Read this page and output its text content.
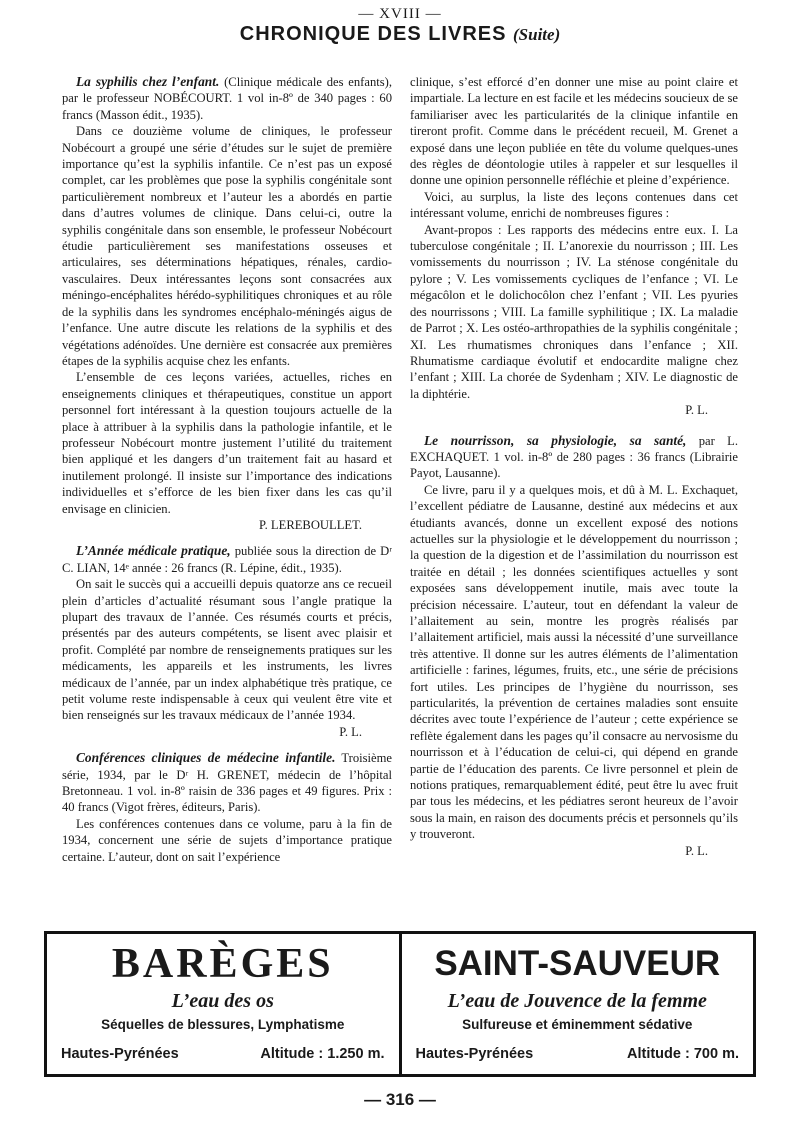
— XVIII —
CHRONIQUE DES LIVRES (Suite)

La syphilis chez l’enfant. (Clinique médicale des enfants), par le professeur NOBÉCOURT. 1 vol in-8º de 340 pages : 60 francs (Masson édit., 1935).

Dans ce douzième volume de cliniques, le professeur Nobécourt a groupé une série d’études sur le sujet de première importance qu’est la syphilis infantile. Ce n’est pas un exposé complet, car les problèmes que pose la syphilis congénitale sont particulièrement nombreux et l’auteur les a abordés en partie dans d’autres volumes de clinique. Dans celui-ci, outre la syphilis congénitale dans son ensemble, le professeur Nobécourt étudie particulièrement ses manifestations osseuses et articulaires, ses déterminations hépatiques, rénales, cardio-vasculaires. Deux intéressantes leçons sont consacrées aux méningo-encéphalites hérédo-syphilitiques chroniques et au rôle de la syphilis dans les syndromes encéphalo-méningés aigus de l’enfance. Une autre discute les relations de la syphilis et des végétations adénoïdes. Une dernière est consacrée aux premières étapes de la syphilis acquise chez les enfants.

L’ensemble de ces leçons variées, actuelles, riches en enseignements cliniques et thérapeutiques, constitue un apport personnel fort intéressant à la question toujours actuelle de la place à attribuer à la syphilis dans la pathologie infantile, et le professeur Nobécourt montre justement l’utilité du traitement bien appliqué et les dangers d’un traitement fait au hasard et inutilement prolongé. Il insiste sur l’importance des indications individuelles et s’efforce de les bien fixer dans les cas qu’il envisage en clinicien.

P. LEREBOULLET.

L’Année médicale pratique, publiée sous la direction de Dʳ C. LIAN, 14ᵉ année : 26 francs (R. Lépine, édit., 1935).

On sait le succès qui a accueilli depuis quatorze ans ce recueil plein d’articles d’actualité résumant sous l’angle pratique la plupart des travaux de l’année. Ces résumés courts et précis, présentés par des auteurs compétents, se lisent avec plaisir et profit. Complété par nombre de renseignements pratiques sur les médicaments, les appareils et les instruments, les livres médicaux de l’année, par un index alphabétique très pratique, ce petit volume reste indispensable à ceux qui veulent être vite et bien renseignés sur les travaux médicaux de l’année 1934.

P. L.

Conférences cliniques de médecine infantile. Troisième série, 1934, par le Dʳ H. GRENET, médecin de l’hôpital Bretonneau. 1 vol. in-8º raisin de 336 pages et 49 figures. Prix : 40 francs (Vigot frères, éditeurs, Paris).

Les conférences contenues dans ce volume, paru à la fin de 1934, concernent une série de sujets d’importance pratique certaine. L’auteur, dont on sait l’expérience

clinique, s’est efforcé d’en donner une mise au point claire et impartiale. La lecture en est facile et les médecins soucieux de se familiariser avec les particularités de la clinique infantile en tireront profit. Comme dans le précédent recueil, M. Grenet a exposé dans une leçon publiée en tête du volume quelques-unes des règles de déontologie utiles à rappeler et sur lesquelles il donne une opinion personnelle réfléchie et pleine d’expérience.

Voici, au surplus, la liste des leçons contenues dans cet intéressant volume, enrichi de nombreuses figures :

Avant-propos : Les rapports des médecins entre eux. I. La tuberculose congénitale ; II. L’anorexie du nourrisson ; III. Les vomissements du nourrisson ; IV. La sténose congénitale du pylore ; V. Les vomissements cycliques de l’enfance ; VI. Le mégacôlon et le dolichocôlon chez l’enfant ; VII. Les pyuries des nourrissons ; VIII. La famille syphilitique ; IX. La maladie de Parrot ; X. Les ostéo-arthropathies de la syphilis congénitale ; XI. Les rhumatismes chroniques dans l’enfance ; XII. Rhumatisme cardiaque évolutif et endocardite maligne chez l’enfant ; XIII. La chorée de Sydenham ; XIV. Le diagnostic de la diphtérie.

P. L.

Le nourrisson, sa physiologie, sa santé, par L. EXCHAQUET. 1 vol. in-8º de 280 pages : 36 francs (Librairie Payot, Lausanne).

Ce livre, paru il y a quelques mois, et dû à M. L. Exchaquet, l’excellent pédiatre de Lausanne, destiné aux médecins et aux étudiants avancés, donne un excellent exposé des notions actuelles sur la physiologie et le développement du nourrisson ; la question de la digestion et de l’assimilation du nourrisson est traitée en détail ; les données scientifiques actuelles y sont exposées sans développement inutile, mais avec toute la précision nécessaire. L’auteur, tout en défendant la valeur de l’allaitement au sein, montre les progrès réalisés par l’allaitement artificiel, mais aussi la nécessité d’une surveillance très attentive. Il donne sur les autres éléments de l’alimentation artificielle : farines, légumes, fruits, etc., une série de précisions fort utiles. Les principes de l’hygiène du nourrisson, ses particularités, la prévention de certaines maladies sont ensuite décrites avec toute l’expérience de l’auteur ; cette expérience se reflète également dans les pages qu’il consacre au nervosisme du nourrisson et à l’éducation de celui-ci, qui dépend en grande partie de l’éducation des parents. Ce livre personnel et plein de notions pratiques, remarquablement édité, peut être lu avec fruit par tous les médecins, et les pédiatres seront heureux de l’avoir sous la main, en raison des documents précis et personnels qu’ils y trouveront.

P. L.

BARÈGES
L’eau des os
Séquelles de blessures, Lymphatisme
Hautes-Pyrénées	Altitude : 1.250 m.
SAINT-SAUVEUR
L’eau de Jouvence de la femme
Sulfureuse et éminemment sédative
Hautes-Pyrénées	Altitude : 700 m.
— 316 —
